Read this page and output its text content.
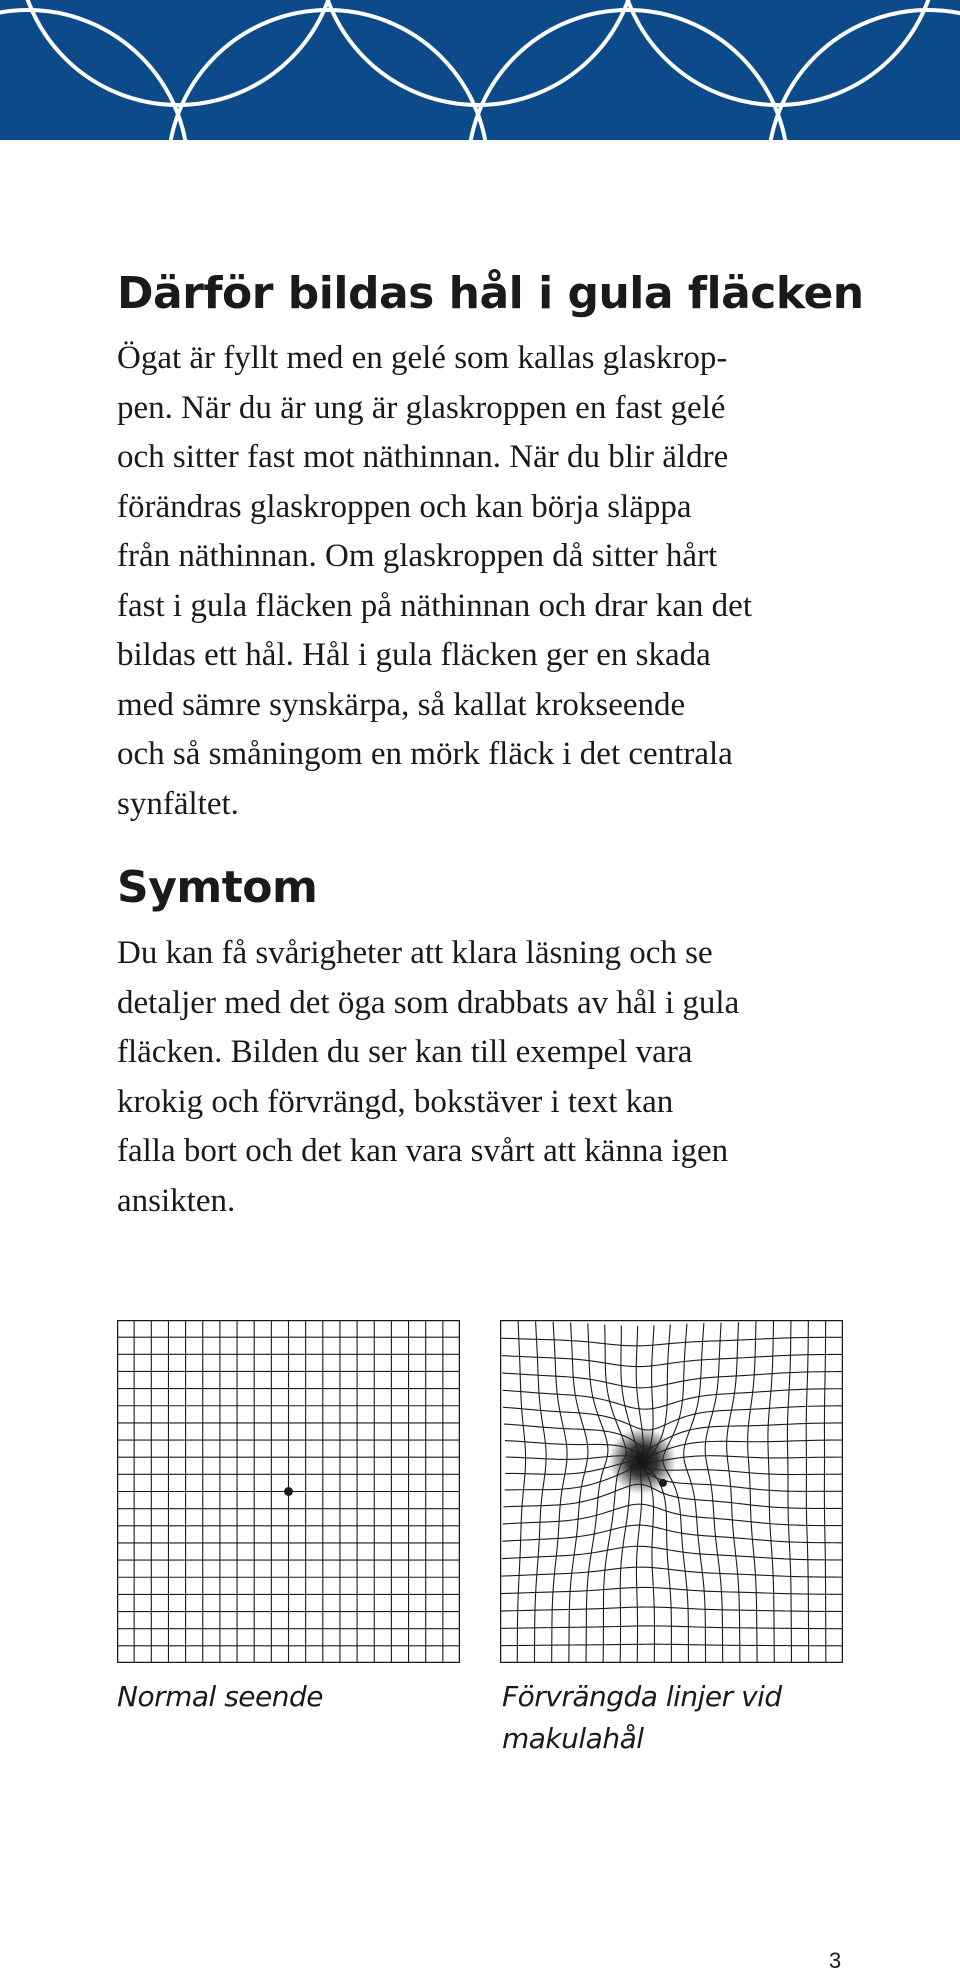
Därför bildas hål i gula fläcken

Ögat är fyllt med en gelé som kallas glaskrop-
pen. När du är ung är glaskroppen en fast gelé
och sitter fast mot näthinnan. När du blir äldre
förändras glaskroppen och kan börja släppa
från näthinnan. Om glaskroppen då sitter hårt
fast i gula fläcken på näthinnan och drar kan det
bildas ett hål. Hål i gula fläcken ger en skada
med sämre synskärpa, så kallat krokseende
och så småningom en mörk fläck i det centrala
synfältet.

Symtom

Du kan få svårigheter att klara läsning och se
detaljer med det öga som drabbats av hål i gula
fläcken. Bilden du ser kan till exempel vara
krokig och förvrängd, bokstäver i text kan
falla bort och det kan vara svårt att känna igen
ansikten.

Normal seende	Förvrängda linjer vid
makulahål

3
